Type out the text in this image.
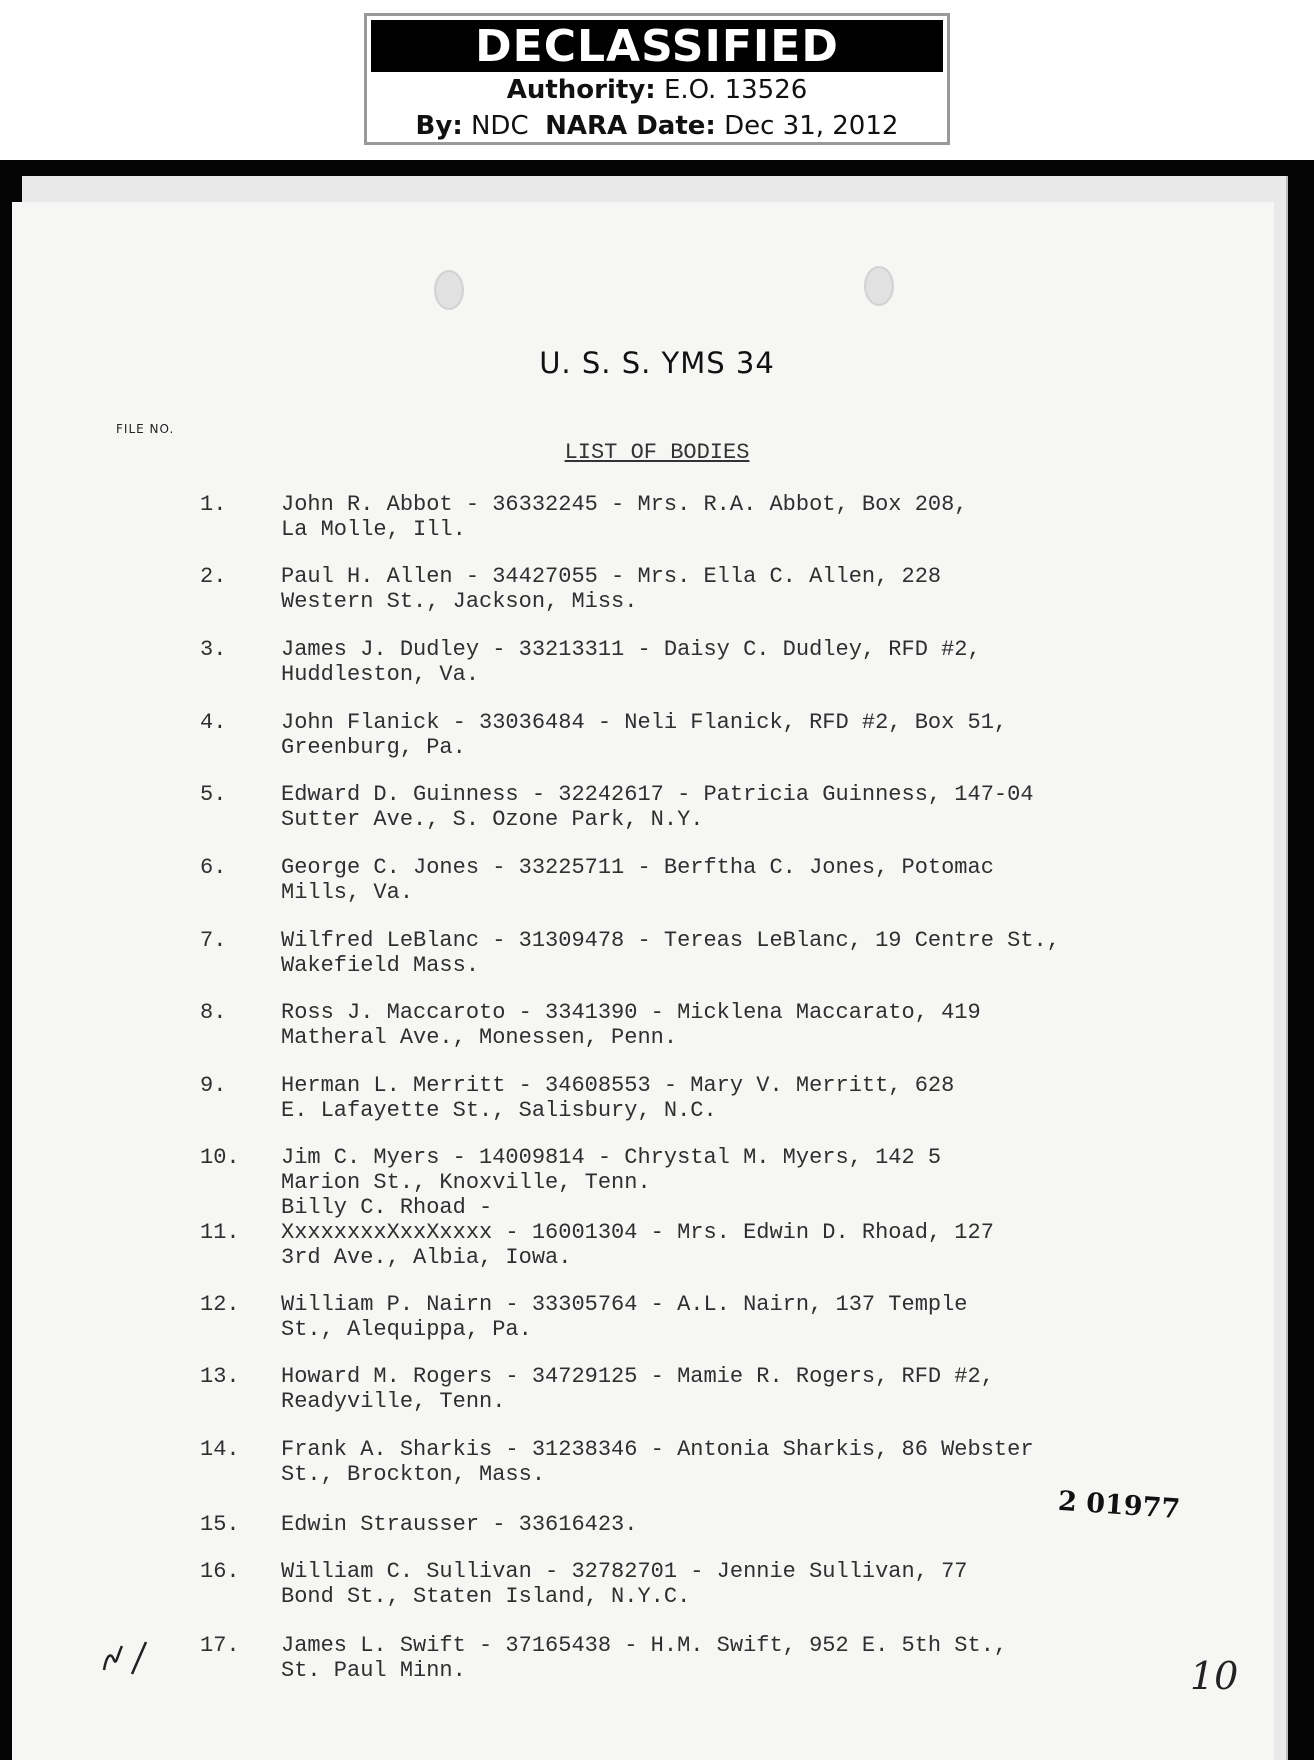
DECLASSIFIED
Authority: E.O. 13526
By: NDC NARA Date: Dec 31, 2012
U. S. S. YMS 34
FILE NO.
LIST OF BODIES
1. John R. Abbot - 36332245 - Mrs. R.A. Abbot, Box 208,
La Molle, Ill.
2. Paul H. Allen - 34427055 - Mrs. Ella C. Allen, 228
Western St., Jackson, Miss.
3. James J. Dudley - 33213311 - Daisy C. Dudley, RFD #2,
Huddleston, Va.
4. John Flanick - 33036484 - Neli Flanick, RFD #2, Box 51,
Greenburg, Pa.
5. Edward D. Guinness - 32242617 - Patricia Guinness, 147-04
Sutter Ave., S. Ozone Park, N.Y.
6. George C. Jones - 33225711 - Berftha C. Jones, Potomac
Mills, Va.
7. Wilfred LeBlanc - 31309478 - Tereas LeBlanc, 19 Centre St.,
Wakefield Mass.
8. Ross J. Maccaroto - 3341390 - Micklena Maccarato, 419
Matheral Ave., Monessen, Penn.
9. Herman L. Merritt - 34608553 - Mary V. Merritt, 628
E. Lafayette St., Salisbury, N.C.
10. Jim C. Myers - 14009814 - Chrystal M. Myers, 142 5
Marion St., Knoxville, Tenn.
Billy C. Rhoad -
XxxxxxxxXxxXxxxx - 16001304 - Mrs. Edwin D. Rhoad, 127
3rd Ave., Albia, Iowa.
11.
12. William P. Nairn - 33305764 - A.L. Nairn, 137 Temple
St., Alequippa, Pa.
13. Howard M. Rogers - 34729125 - Mamie R. Rogers, RFD #2,
Readyville, Tenn.
14. Frank A. Sharkis - 31238346 - Antonia Sharkis, 86 Webster
St., Brockton, Mass.
15. Edwin Strausser - 33616423.
16. William C. Sullivan - 32782701 - Jennie Sullivan, 77
Bond St., Staten Island, N.Y.C.
17. James L. Swift - 37165438 - H.M. Swift, 952 E. 5th St.,
St. Paul Minn.
2 01977
10
